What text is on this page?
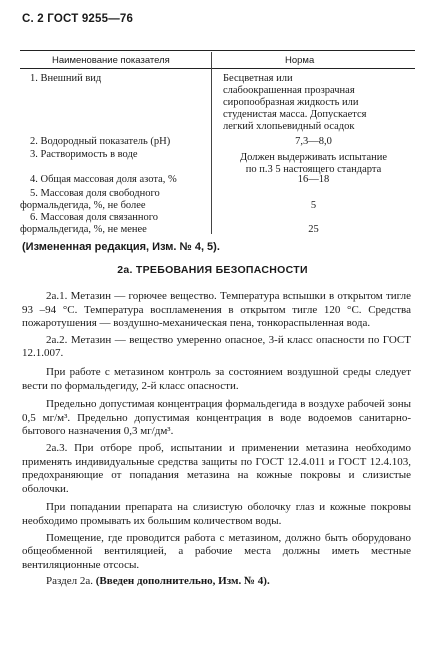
С. 2 ГОСТ 9255—76
Наименование показателя	Норма
1. Внешний вид	Бесцветная или
слабоокрашенная прозрачная
сиропообразная жидкость или
студенистая масса. Допускается
легкий хлопьевидный осадок
2. Водородный показатель (рН)	7,3—8,0
3. Растворимость в воде	Должен выдерживать испытание
по п.3 5 настоящего стандарта
4. Общая массовая доля азота, %	16—18
5. Массовая доля свободного
формальдегида, %, не более	5
6. Массовая доля связанного
формальдегида, %, не менее	25
(Измененная редакция, Изм. № 4, 5).
2а. ТРЕБОВАНИЯ БЕЗОПАСНОСТИ

2а.1. Метазин — горючее вещество. Температура вспышки в открытом тигле 93 –94 °С. Температура воспламенения в открытом тигле 120 °С. Средства пожаротушения — воздушно-механическая пена, тонкораспыленная вода.

2а.2. Метазин — вещество умеренно опасное, 3-й класс опасности по ГОСТ 12.1.007.

При работе с метазином контроль за состоянием воздушной среды следует вести по формальдегиду, 2-й класс опасности.

Предельно допустимая концентрация формальдегида в воздухе рабочей зоны 0,5 мг/м³. Предельно допустимая концентрация в воде водоемов санитарно-бытового назначения 0,3 мг/дм³.

2а.3. При отборе проб, испытании и применении метазина необходимо применять индивидуальные средства защиты по ГОСТ 12.4.011 и ГОСТ 12.4.103, предохраняющие от попадания метазина на кожные покровы и слизистые оболочки.

При попадании препарата на слизистую оболочку глаз и кожные покровы необходимо промывать их большим количеством воды.

Помещение, где проводится работа с метазином, должно быть оборудовано общеобменной вентиляцией, а рабочие места должны иметь местные вентиляционные отсосы.

Раздел 2а. (Введен дополнительно, Изм. № 4).
